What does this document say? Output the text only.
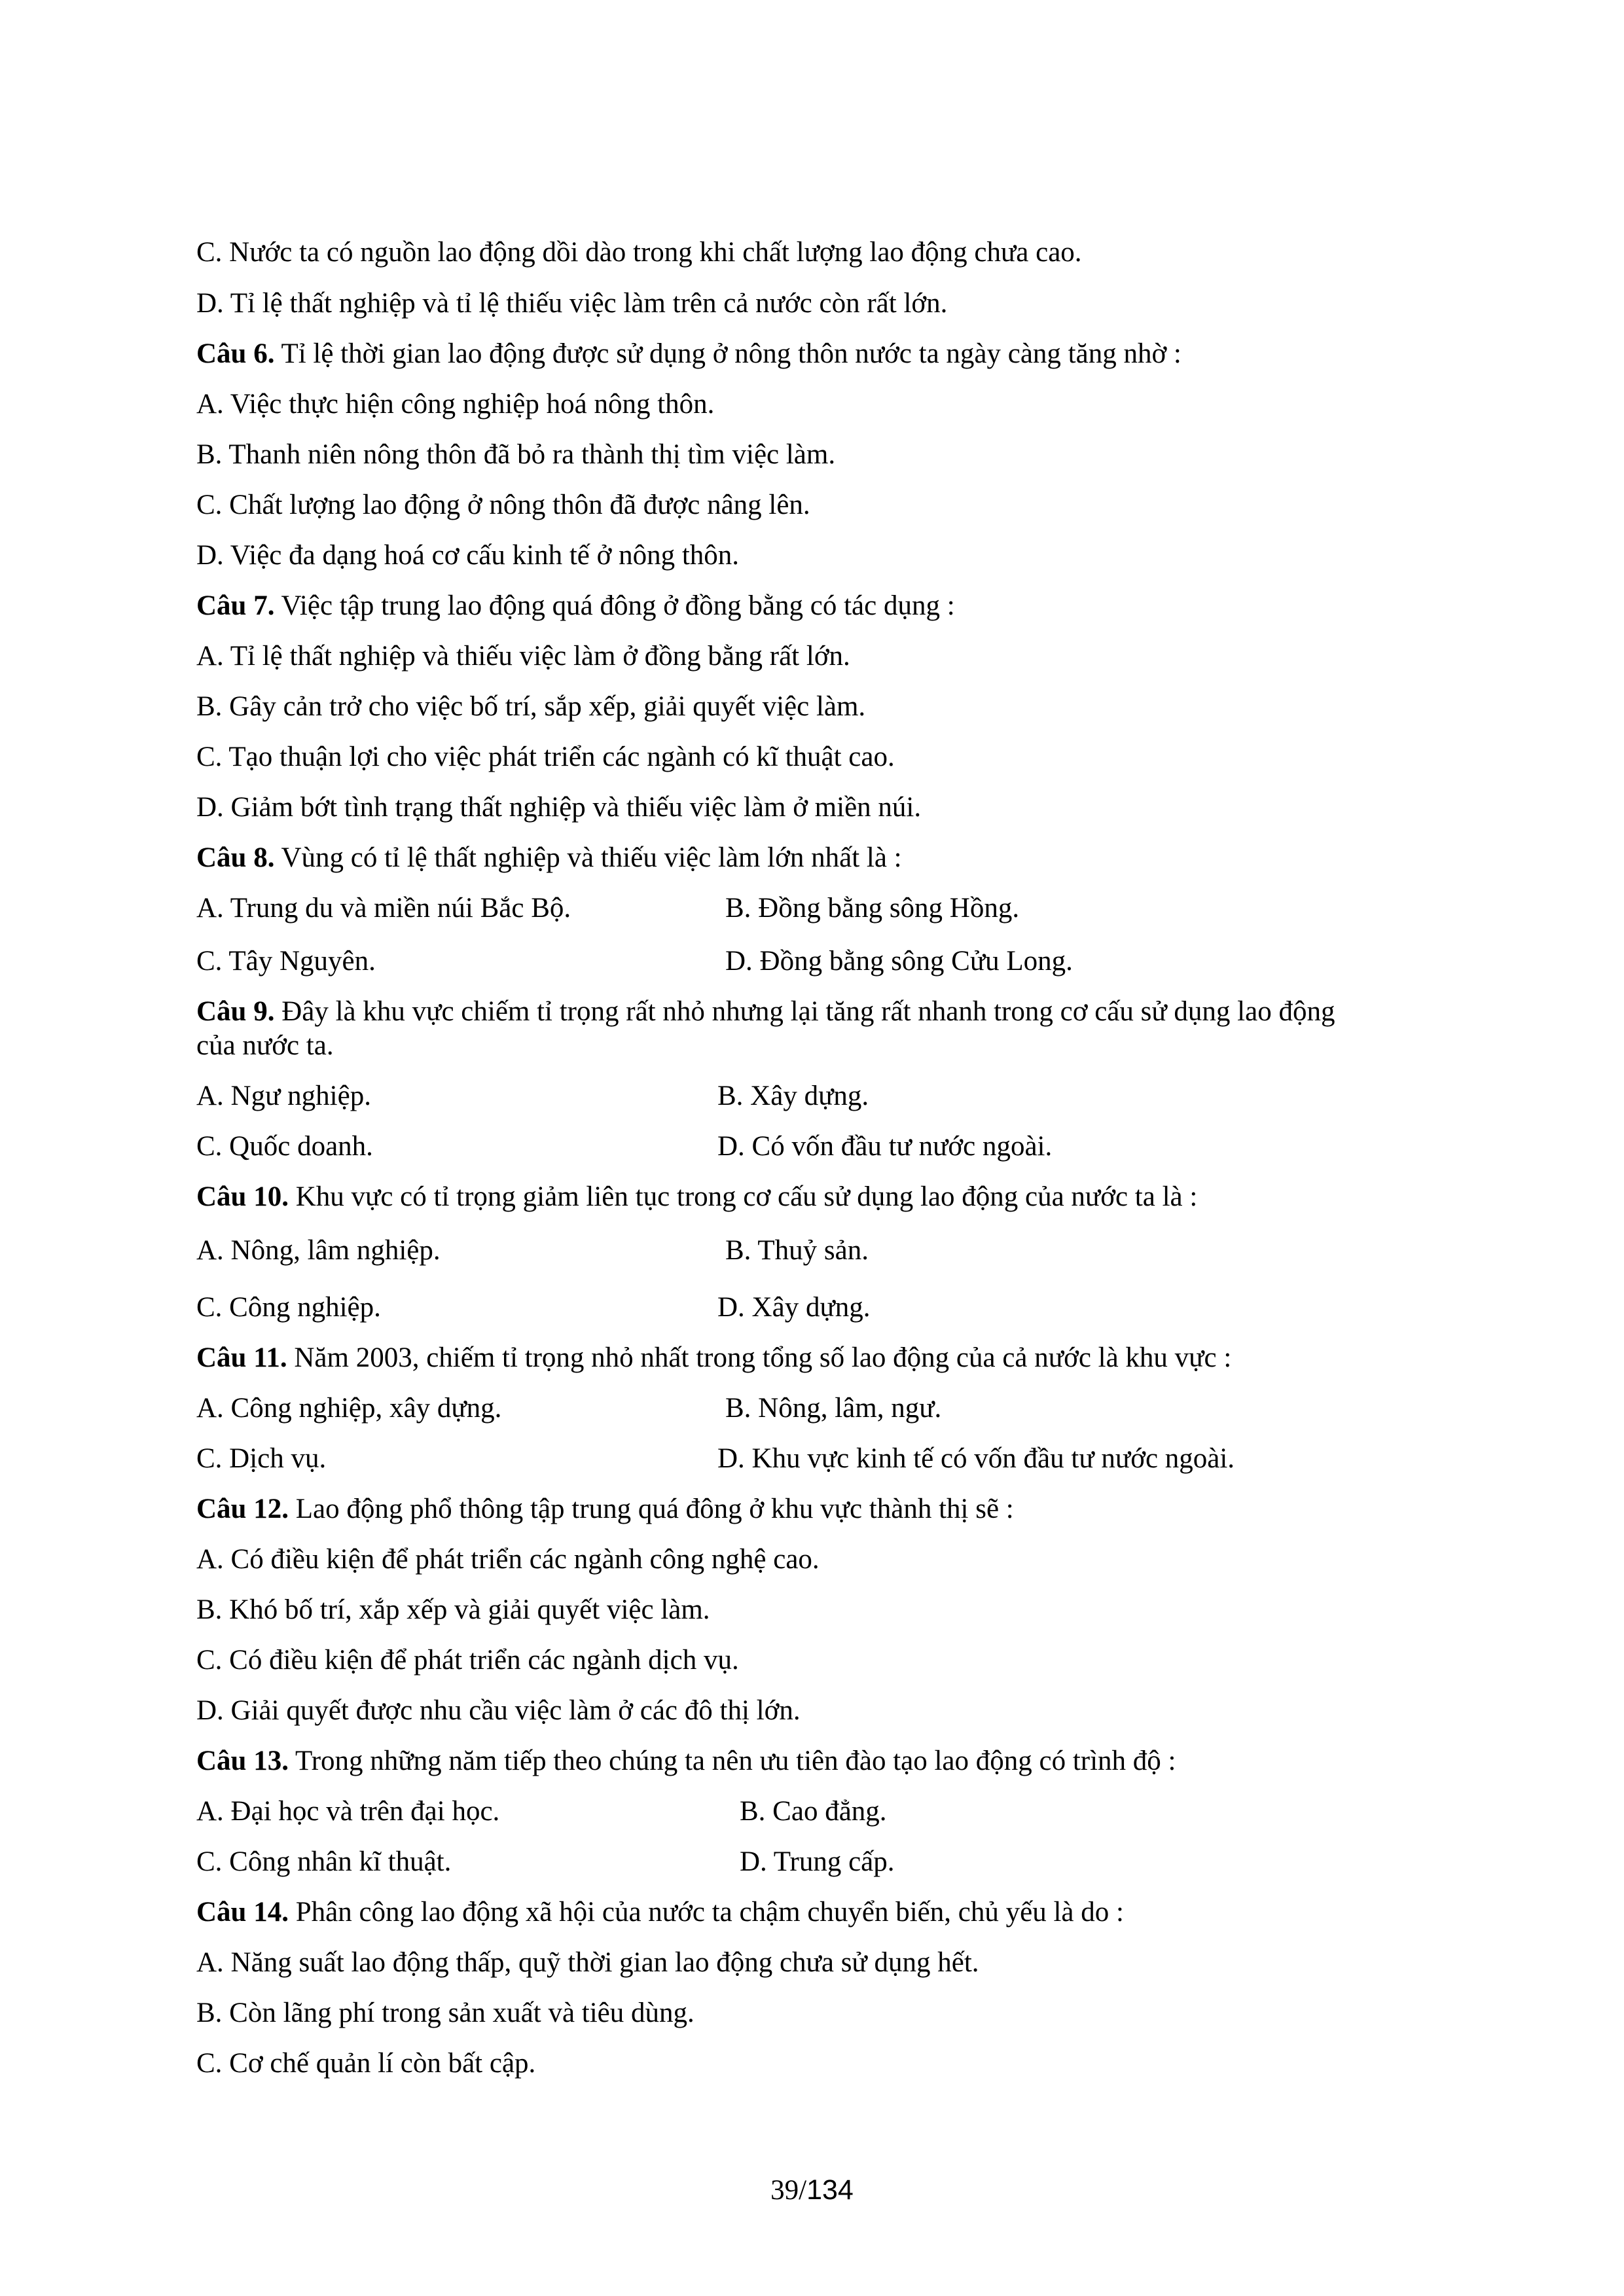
C. Nước ta có nguồn lao động dồi dào trong khi chất lượng lao động chưa cao.
D. Tỉ lệ thất nghiệp và tỉ lệ thiếu việc làm trên cả nước còn rất lớn.
Câu 6. Tỉ lệ thời gian lao động được sử dụng ở nông thôn nước ta ngày càng tăng nhờ :
A. Việc thực hiện công nghiệp hoá nông thôn.
B. Thanh niên nông thôn đã bỏ ra thành thị tìm việc làm.
C. Chất lượng lao động ở nông thôn đã được nâng lên.
D. Việc đa dạng hoá cơ cấu kinh tế ở nông thôn.
Câu 7. Việc tập trung lao động quá đông ở đồng bằng có tác dụng :
A. Tỉ lệ thất nghiệp và thiếu việc làm ở đồng bằng rất lớn.
B. Gây cản trở cho việc bố trí, sắp xếp, giải quyết việc làm.
C. Tạo thuận lợi cho việc phát triển các ngành có kĩ thuật cao.
D. Giảm bớt tình trạng thất nghiệp và thiếu việc làm ở miền núi.
Câu 8. Vùng có tỉ lệ thất nghiệp và thiếu việc làm lớn nhất là :
A. Trung du và miền núi Bắc Bộ.	B. Đồng bằng sông Hồng.
C. Tây Nguyên.	D. Đồng bằng sông Cửu Long.
Câu 9. Đây là khu vực chiếm tỉ trọng rất nhỏ nhưng lại tăng rất nhanh trong cơ cấu sử dụng lao động
của nước ta.
A. Ngư nghiệp.	B. Xây dựng.
C. Quốc doanh.	D. Có vốn đầu tư nước ngoài.
Câu 10. Khu vực có tỉ trọng giảm liên tục trong cơ cấu sử dụng lao động của nước ta là :
A. Nông, lâm nghiệp.	B. Thuỷ sản.
C. Công nghiệp.	D. Xây dựng.
Câu 11. Năm 2003, chiếm tỉ trọng nhỏ nhất trong tổng số lao động của cả nước là khu vực :
A. Công nghiệp, xây dựng.	B. Nông, lâm, ngư.
C. Dịch vụ.	D. Khu vực kinh tế có vốn đầu tư nước ngoài.
Câu 12. Lao động phổ thông tập trung quá đông ở khu vực thành thị sẽ :
A. Có điều kiện để phát triển các ngành công nghệ cao.
B. Khó bố trí, xắp xếp và giải quyết việc làm.
C. Có điều kiện để phát triển các ngành dịch vụ.
D. Giải quyết được nhu cầu việc làm ở các đô thị lớn.
Câu 13. Trong những năm tiếp theo chúng ta nên ưu tiên đào tạo lao động có trình độ :
A. Đại học và trên đại học.	B. Cao đẳng.
C. Công nhân kĩ thuật.	D. Trung cấp.
Câu 14. Phân công lao động xã hội của nước ta chậm chuyển biến, chủ yếu là do :
A. Năng suất lao động thấp, quỹ thời gian lao động chưa sử dụng hết.
B. Còn lãng phí trong sản xuất và tiêu dùng.
C. Cơ chế quản lí còn bất cập.
39/134
